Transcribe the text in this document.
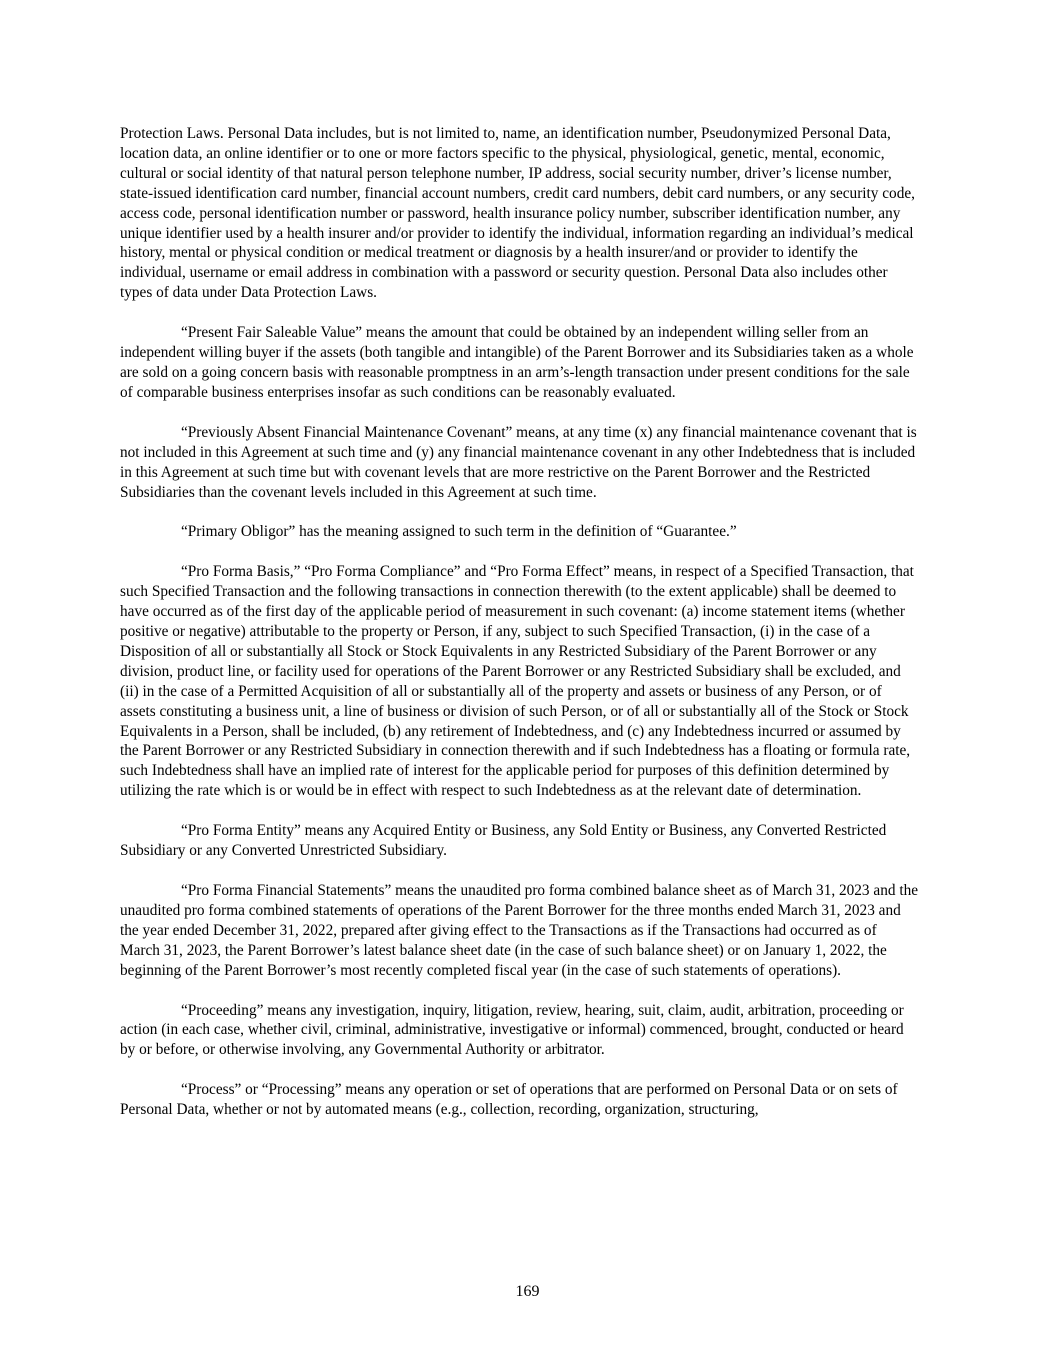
Protection Laws. Personal Data includes, but is not limited to, name, an identification number, Pseudonymized Personal Data, location data, an online identifier or to one or more factors specific to the physical, physiological, genetic, mental, economic, cultural or social identity of that natural person telephone number, IP address, social security number, driver’s license number, state-issued identification card number, financial account numbers, credit card numbers, debit card numbers, or any security code, access code, personal identification number or password, health insurance policy number, subscriber identification number, any unique identifier used by a health insurer and/or provider to identify the individual, information regarding an individual’s medical history, mental or physical condition or medical treatment or diagnosis by a health insurer/and or provider to identify the individual, username or email address in combination with a password or security question. Personal Data also includes other types of data under Data Protection Laws.

“Present Fair Saleable Value” means the amount that could be obtained by an independent willing seller from an independent willing buyer if the assets (both tangible and intangible) of the Parent Borrower and its Subsidiaries taken as a whole are sold on a going concern basis with reasonable promptness in an arm’s-length transaction under present conditions for the sale of comparable business enterprises insofar as such conditions can be reasonably evaluated.

“Previously Absent Financial Maintenance Covenant” means, at any time (x) any financial maintenance covenant that is not included in this Agreement at such time and (y) any financial maintenance covenant in any other Indebtedness that is included in this Agreement at such time but with covenant levels that are more restrictive on the Parent Borrower and the Restricted Subsidiaries than the covenant levels included in this Agreement at such time.

“Primary Obligor” has the meaning assigned to such term in the definition of “Guarantee.”

“Pro Forma Basis,” “Pro Forma Compliance” and “Pro Forma Effect” means, in respect of a Specified Transaction, that such Specified Transaction and the following transactions in connection therewith (to the extent applicable) shall be deemed to have occurred as of the first day of the applicable period of measurement in such covenant: (a) income statement items (whether positive or negative) attributable to the property or Person, if any, subject to such Specified Transaction, (i) in the case of a Disposition of all or substantially all Stock or Stock Equivalents in any Restricted Subsidiary of the Parent Borrower or any division, product line, or facility used for operations of the Parent Borrower or any Restricted Subsidiary shall be excluded, and (ii) in the case of a Permitted Acquisition of all or substantially all of the property and assets or business of any Person, or of assets constituting a business unit, a line of business or division of such Person, or of all or substantially all of the Stock or Stock Equivalents in a Person, shall be included, (b) any retirement of Indebtedness, and (c) any Indebtedness incurred or assumed by the Parent Borrower or any Restricted Subsidiary in connection therewith and if such Indebtedness has a floating or formula rate, such Indebtedness shall have an implied rate of interest for the applicable period for purposes of this definition determined by utilizing the rate which is or would be in effect with respect to such Indebtedness as at the relevant date of determination.

“Pro Forma Entity” means any Acquired Entity or Business, any Sold Entity or Business, any Converted Restricted Subsidiary or any Converted Unrestricted Subsidiary.

“Pro Forma Financial Statements” means the unaudited pro forma combined balance sheet as of March 31, 2023 and the unaudited pro forma combined statements of operations of the Parent Borrower for the three months ended March 31, 2023 and the year ended December 31, 2022, prepared after giving effect to the Transactions as if the Transactions had occurred as of March 31, 2023, the Parent Borrower’s latest balance sheet date (in the case of such balance sheet) or on January 1, 2022, the beginning of the Parent Borrower’s most recently completed fiscal year (in the case of such statements of operations).

“Proceeding” means any investigation, inquiry, litigation, review, hearing, suit, claim, audit, arbitration, proceeding or action (in each case, whether civil, criminal, administrative, investigative or informal) commenced, brought, conducted or heard by or before, or otherwise involving, any Governmental Authority or arbitrator.

“Process” or “Processing” means any operation or set of operations that are performed on Personal Data or on sets of Personal Data, whether or not by automated means (e.g., collection, recording, organization, structuring,

169
